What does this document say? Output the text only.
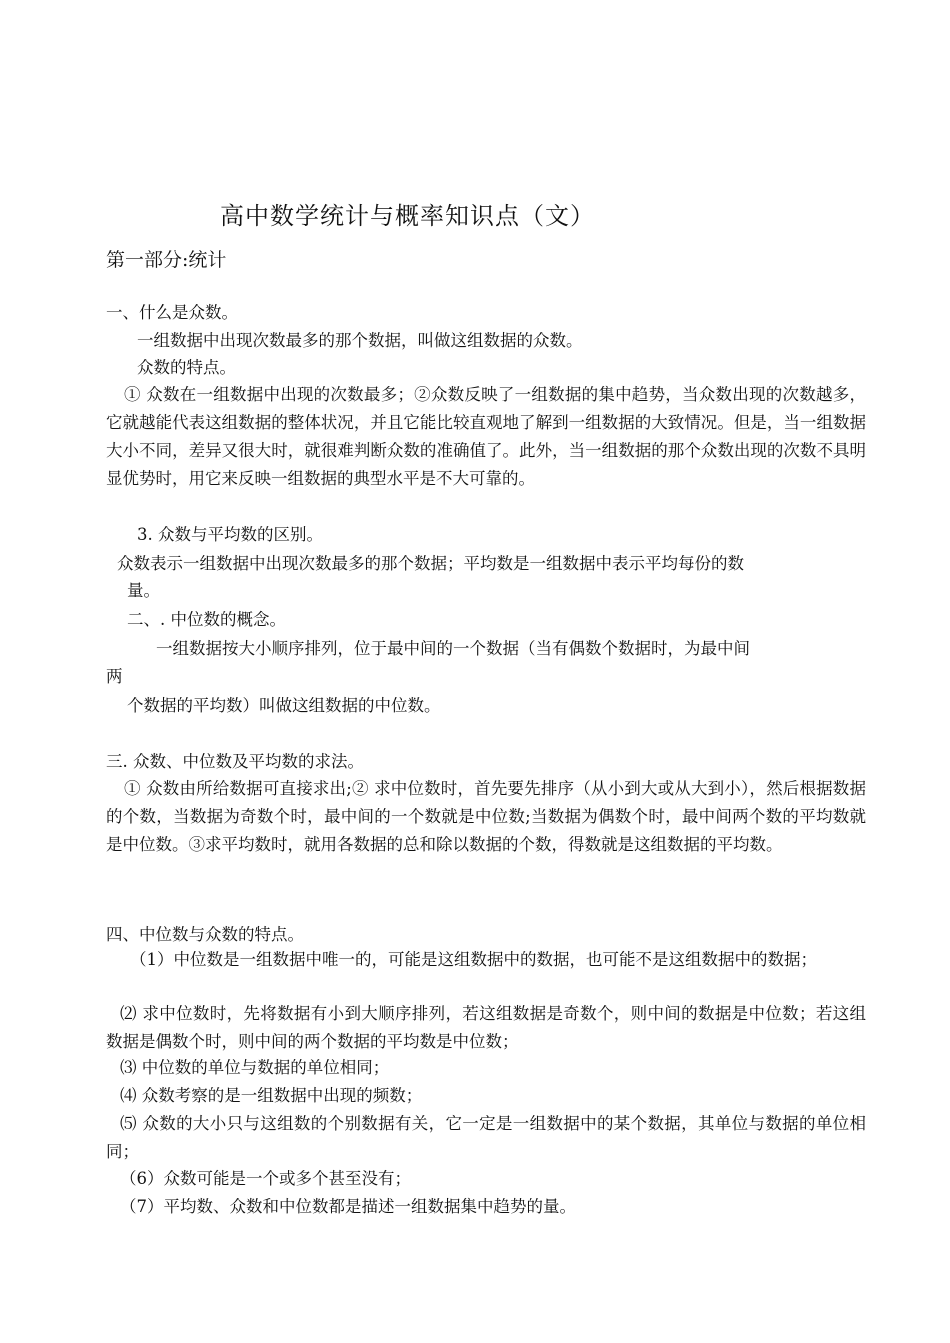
高中数学统计与概率知识点（文）
第一部分:统计
一、什么是众数。
一组数据中出现次数最多的那个数据，叫做这组数据的众数。
众数的特点。
① 众数在一组数据中出现的次数最多；②众数反映了一组数据的集中趋势，当众数出现的次数越多，它就越能代表这组数据的整体状况，并且它能比较直观地了解到一组数据的大致情况。但是，当一组数据大小不同，差异又很大时，就很难判断众数的准确值了。此外，当一组数据的那个众数出现的次数不具明显优势时，用它来反映一组数据的典型水平是不大可靠的。
3. 众数与平均数的区别。
众数表示一组数据中出现次数最多的那个数据；平均数是一组数据中表示平均每份的数
量。
二、. 中位数的概念。
一组数据按大小顺序排列，位于最中间的一个数据（当有偶数个数据时，为最中间
两
个数据的平均数）叫做这组数据的中位数。
三. 众数、中位数及平均数的求法。
① 众数由所给数据可直接求出;② 求中位数时，首先要先排序（从小到大或从大到小），然后根据数据的个数，当数据为奇数个时，最中间的一个数就是中位数;当数据为偶数个时，最中间两个数的平均数就是中位数。③求平均数时，就用各数据的总和除以数据的个数，得数就是这组数据的平均数。
四、中位数与众数的特点。
（1）中位数是一组数据中唯一的，可能是这组数据中的数据，也可能不是这组数据中的数据；
⑵ 求中位数时，先将数据有小到大顺序排列，若这组数据是奇数个，则中间的数据是中位数；若这组数据是偶数个时，则中间的两个数据的平均数是中位数；
⑶ 中位数的单位与数据的单位相同；
⑷ 众数考察的是一组数据中出现的频数；
⑸ 众数的大小只与这组数的个别数据有关，它一定是一组数据中的某个数据，其单位与数据的单位相同；
（6）众数可能是一个或多个甚至没有；
（7）平均数、众数和中位数都是描述一组数据集中趋势的量。
